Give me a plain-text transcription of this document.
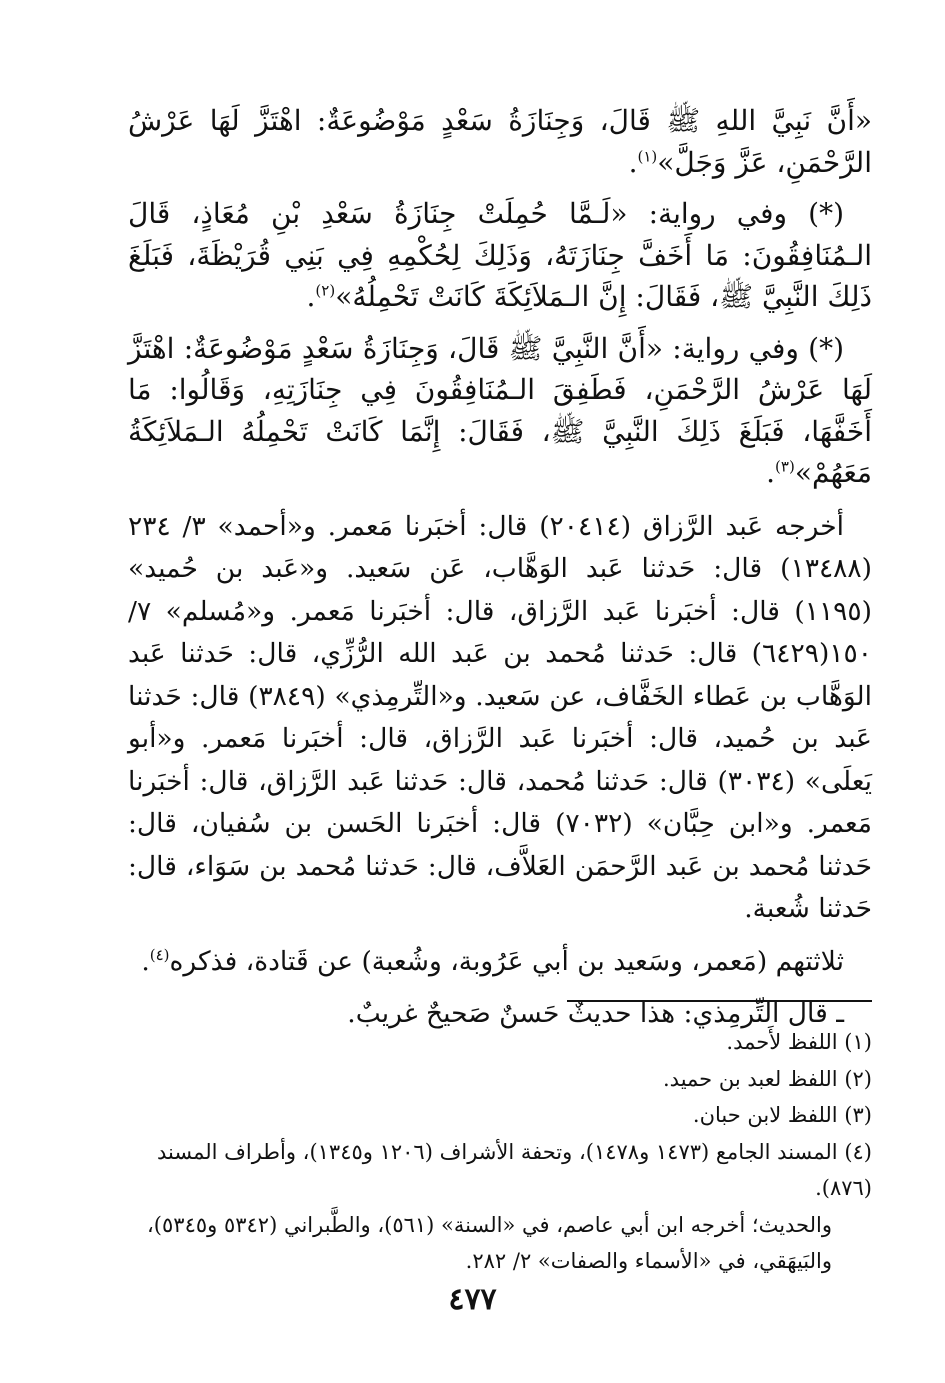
«أَنَّ نَبِيَّ اللهِ ﷺ قَالَ، وَجِنَازَةُ سَعْدٍ مَوْضُوعَةٌ: اهْتَزَّ لَهَا عَرْشُ الرَّحْمَنِ، عَزَّ وَجَلَّ»$^{(١)}$.

(*) وفي رواية: «لَـمَّا حُمِلَتْ جِنَازَةُ سَعْدِ بْنِ مُعَاذٍ، قَالَ الـمُنَافِقُونَ: مَا أَخَفَّ جِنَازَتَهُ، وَذَلِكَ لِحُكْمِهِ فِي بَنِي قُرَيْظَةَ، فَبَلَغَ ذَلِكَ النَّبِيَّ ﷺ، فَقَالَ: إِنَّ الـمَلاَئِكَةَ كَانَتْ تَحْمِلُهُ»$^{(٢)}$.

(*) وفي رواية: «أَنَّ النَّبِيَّ ﷺ قَالَ، وَجِنَازَةُ سَعْدٍ مَوْضُوعَةٌ: اهْتَزَّ لَهَا عَرْشُ الرَّحْمَنِ، فَطَفِقَ الـمُنَافِقُونَ فِي جِنَازَتِهِ، وَقَالُوا: مَا أَخَفَّهَا، فَبَلَغَ ذَلِكَ النَّبِيَّ ﷺ، فَقَالَ: إِنَّمَا كَانَتْ تَحْمِلُهُ الـمَلاَئِكَةُ مَعَهُمْ»$^{(٣)}$.

أخرجه عَبد الرَّزاق (٢٠٤١٤) قال: أخبَرنا مَعمر. و«أحمد» ٣/ ٢٣٤ (١٣٤٨٨) قال: حَدثنا عَبد الوَهَّاب، عَن سَعيد. و«عَبد بن حُميد» (١١٩٥) قال: أخبَرنا عَبد الرَّزاق، قال: أخبَرنا مَعمر. و«مُسلم» ٧/ ١٥٠(٦٤٢٩) قال: حَدثنا مُحمد بن عَبد الله الرُّزِّي، قال: حَدثنا عَبد الوَهَّاب بن عَطاء الخَفَّاف، عن سَعيد. و«التِّرمِذي» (٣٨٤٩) قال: حَدثنا عَبد بن حُميد، قال: أخبَرنا عَبد الرَّزاق، قال: أخبَرنا مَعمر. و«أبو يَعلَى» (٣٠٣٤) قال: حَدثنا مُحمد، قال: حَدثنا عَبد الرَّزاق، قال: أخبَرنا مَعمر. و«ابن حِبَّان» (٧٠٣٢) قال: أخبَرنا الحَسن بن سُفيان، قال: حَدثنا مُحمد بن عَبد الرَّحمَن العَلاَّف، قال: حَدثنا مُحمد بن سَوَاء، قال: حَدثنا شُعبة.

ثلاثتهم (مَعمر، وسَعيد بن أبي عَرُوبة، وشُعبة) عن قَتادة، فذكره$^{(٤)}$.

ـ قال التِّرمِذي: هذا حديثٌ حَسنٌ صَحيحٌ غريبٌ.

(١) اللفظ لأَحمد.

(٢) اللفظ لعبد بن حميد.

(٣) اللفظ لابن حبان.

(٤) المسند الجامع (١٤٧٣ و١٤٧٨)، وتحفة الأشراف (١٢٠٦ و١٣٤٥)، وأطراف المسند (٨٧٦).

والحديث؛ أخرجه ابن أبي عاصم، في «السنة» (٥٦١)، والطَّبراني (٥٣٤٢ و٥٣٤٥)، والبَيهَقي، في «الأسماء والصفات» ٢/ ٢٨٢.

٤٧٧
